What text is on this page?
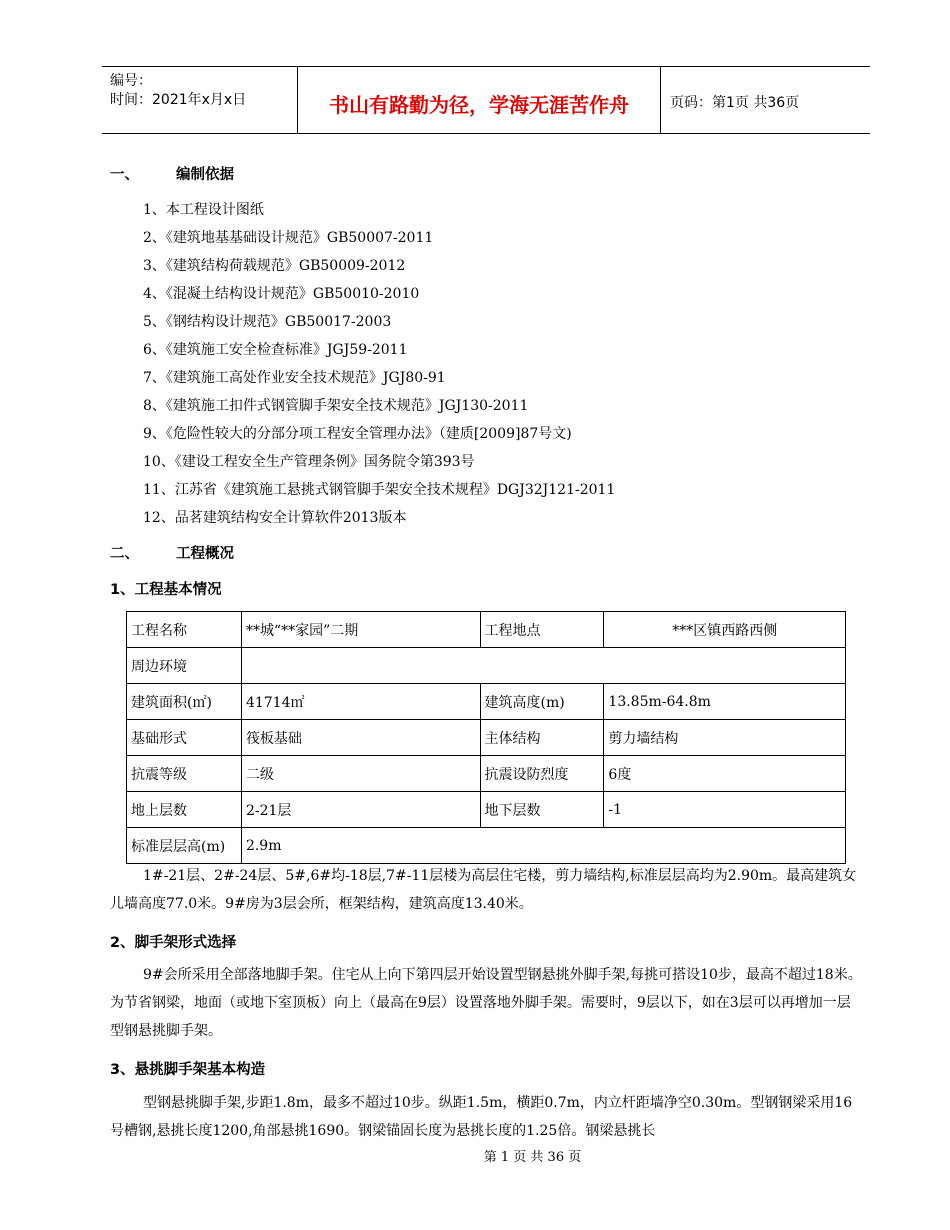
编号：
时间：2021年x月x日	书山有路勤为径，学海无涯苦作舟	页码：第1页 共36页
一、	编制依据
1、本工程设计图纸
2、《建筑地基基础设计规范》GB50007-2011
3、《建筑结构荷载规范》GB50009-2012
4、《混凝土结构设计规范》GB50010-2010
5、《钢结构设计规范》GB50017-2003
6、《建筑施工安全检查标准》JGJ59-2011
7、《建筑施工高处作业安全技术规范》JGJ80-91
8、《建筑施工扣件式钢管脚手架安全技术规范》JGJ130-2011
9、《危险性较大的分部分项工程安全管理办法》（建质[2009]87号文)
10、《建设工程安全生产管理条例》国务院令第393号
11、江苏省《建筑施工悬挑式钢管脚手架安全技术规程》DGJ32J121-2011
12、品茗建筑结构安全计算软件2013版本
二、	工程概况
1、工程基本情况
工程名称	**城“**家园”二期	工程地点	***区镇西路西侧
周边环境			
建筑面积(㎡)	41714㎡	建筑高度(m)	13.85m-64.8m
基础形式	筏板基础	主体结构	剪力墙结构
抗震等级	二级	抗震设防烈度	6度
地上层数	2-21层	地下层数	-1
标准层层高(m)	2.9m		
1#-21层、2#-24层、5#,6#均-18层,7#-11层楼为高层住宅楼，剪力墙结构,标准层层高均为2.90m。最高建筑女儿墙高度77.0米。9#房为3层会所，框架结构，建筑高度13.40米。
2、脚手架形式选择
9#会所采用全部落地脚手架。住宅从上向下第四层开始设置型钢悬挑外脚手架,每挑可搭设10步，最高不超过18米。为节省钢梁，地面（或地下室顶板）向上（最高在9层）设置落地外脚手架。需要时，9层以下，如在3层可以再增加一层型钢悬挑脚手架。
3、悬挑脚手架基本构造
型钢悬挑脚手架,步距1.8m，最多不超过10步。纵距1.5m，横距0.7m，内立杆距墙净空0.30m。型钢钢梁采用16号槽钢,悬挑长度1200,角部悬挑1690。钢梁锚固长度为悬挑长度的1.25倍。钢梁悬挑长
第 1 页 共 36 页
